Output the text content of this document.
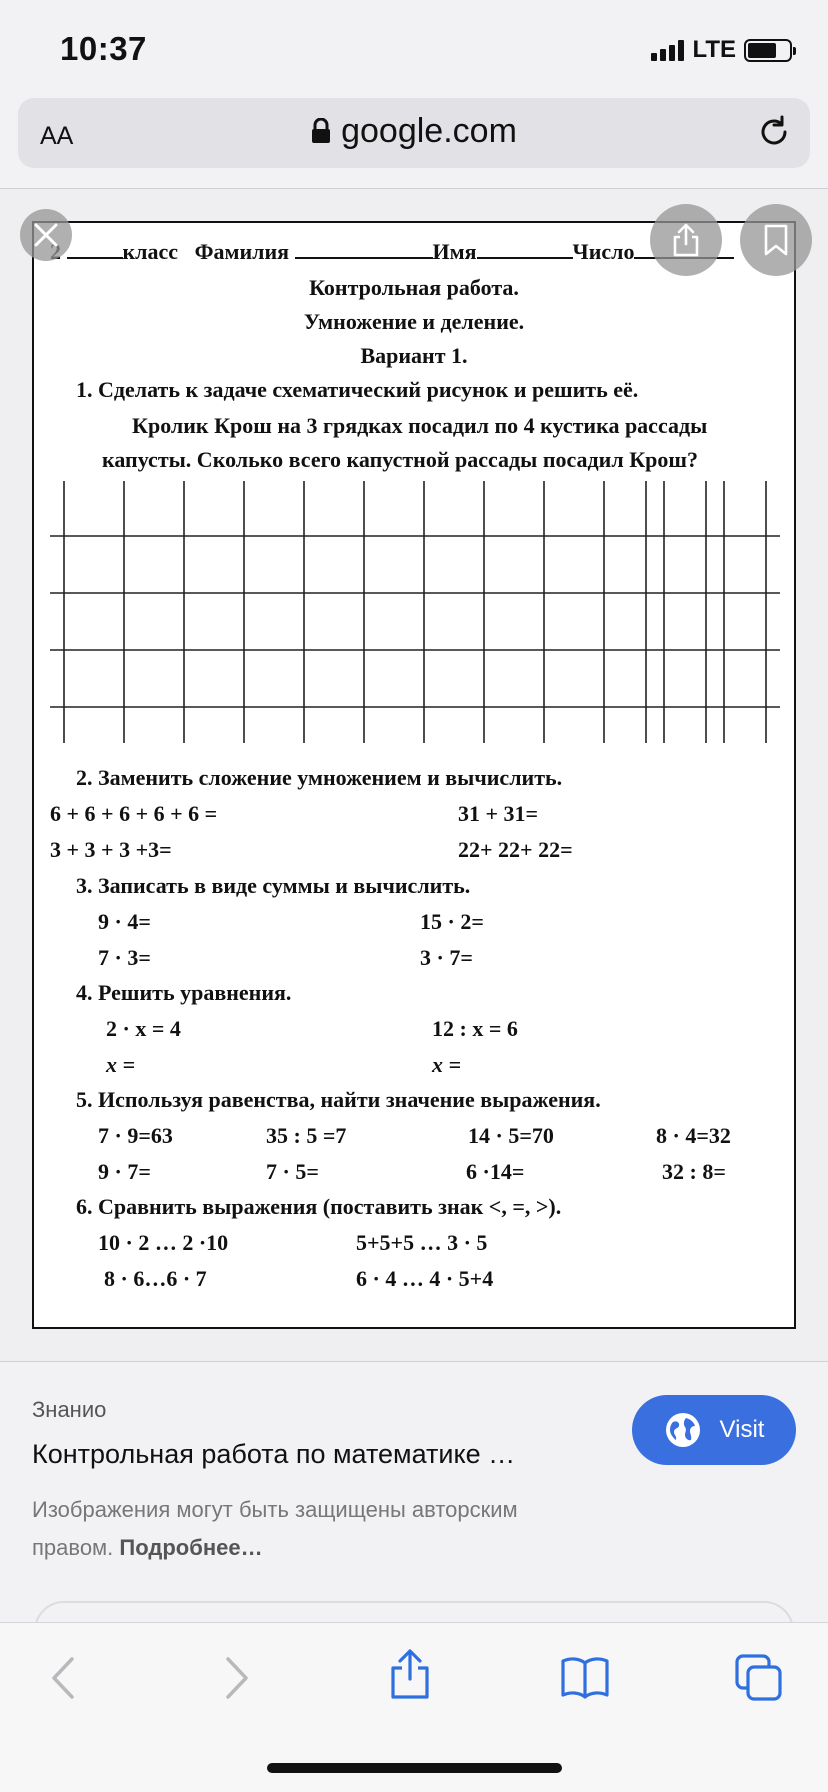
10:37	LTE
AA	google.com
класс Фамилия	Имя	Число
Контрольная работа.
Умножение и деление.
Вариант 1.
1. Сделать к задаче схематический рисунок и решить её.
Кролик Крош на 3 грядках посадил по 4 кустика рассады
капусты. Сколько всего капустной рассады посадил Крош?
2. Заменить сложение умножением и вычислить.
6 + 6 + 6 + 6 + 6 =	31 + 31=
3 + 3 + 3 +3=	22+ 22+ 22=
3. Записать в виде суммы и вычислить.
9 · 4=	15 · 2=
7 · 3=	3 · 7=
4. Решить уравнения.
2 · x = 4	12 : x = 6
x =	x =
5. Используя равенства, найти значение выражения.
7 · 9=63	35 : 5 =7	14 · 5=70	8 · 4=32
9 · 7=	7 · 5=	6 ·14=	32 : 8=
6. Сравнить выражения (поставить знак <, =, >).
10 · 2 … 2 ·10	5+5+5 … 3 · 5
8 · 6…6 · 7	6 · 4 … 4 · 5+4
Знанио
Контрольная работа по математике …
Изображения могут быть защищены авторским правом. Подробнее…
Visit
